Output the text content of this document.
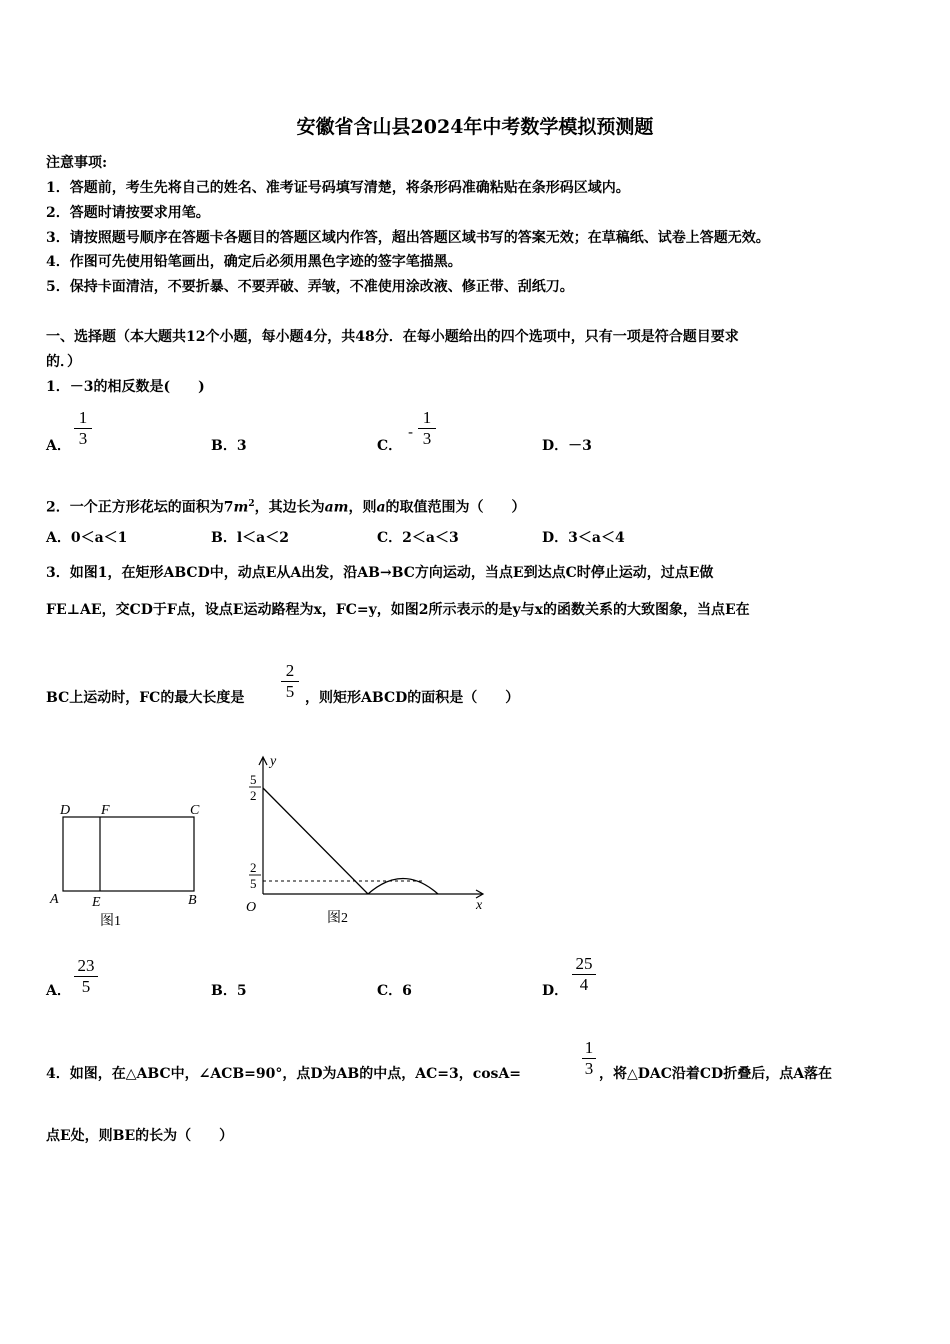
安徽省含山县2024年中考数学模拟预测题
注意事项:
1．答题前，考生先将自己的姓名、准考证号码填写清楚，将条形码准确粘贴在条形码区域内。
2．答题时请按要求用笔。
3．请按照题号顺序在答题卡各题目的答题区域内作答，超出答题区域书写的答案无效；在草稿纸、试卷上答题无效。
4．作图可先使用铅笔画出，确定后必须用黑色字迹的签字笔描黑。
5．保持卡面清洁，不要折暴、不要弄破、弄皱，不准使用涂改液、修正带、刮纸刀。
一、选择题（本大题共12个小题，每小题4分，共48分．在每小题给出的四个选项中，只有一项是符合题目要求
的．）
1．－3的相反数是(　　)
A．
1
3	B．3	C．
-
1
3	D．－3
2．一个正方形花坛的面积为$7m^2$，其边长为am，则a的取值范围为（　　）
A．0＜a＜1	B．l＜a＜2	C．2＜a＜3	D．3＜a＜4
3．如图1，在矩形ABCD中，动点E从A出发，沿AB→BC方向运动，当点E到达点C时停止运动，过点E做
FE⊥AE，交CD于F点，设点E运动路程为x，FC=y，如图2所示表示的是y与x的函数关系的大致图象，当点E在
BC上运动时，FC的最大长度是
2
5 ，则矩形ABCD的面积是（　　）
D F	C
A E	B
图1
y
x
O
5
2
2
5
图2
A．
23
5	B．5	C．6	D．
25
4
4．如图，在△ABC中，∠ACB=90°，点D为AB的中点，AC=3，cosA=
1
3 ，将△DAC沿着CD折叠后，点A落在
点E处，则BE的长为（　　）
